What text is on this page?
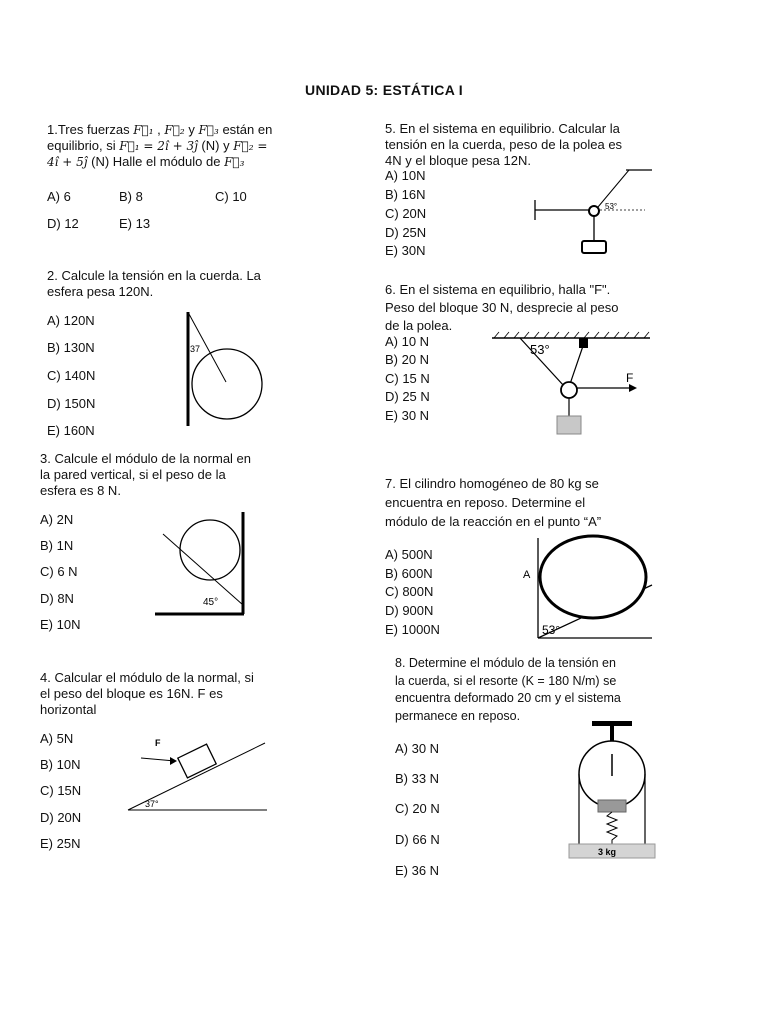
UNIDAD 5: ESTÁTICA I
1.Tres fuerzas F⃗₁ , F⃗₂ y F⃗₃ están en
equilibrio, si F⃗₁ = 2î + 3ĵ (N) y F⃗₂ =
4î + 5ĵ (N) Halle el módulo de F⃗₃
A) 6	B) 8	C) 10
D) 12	E) 13
2. Calcule la tensión en la cuerda. La
esfera pesa 120N.
A) 120N
B) 130N
C) 140N
D) 150N
E) 160N
37
3. Calcule el módulo de la normal en
la pared vertical, si el peso de la
esfera es 8 N.
A) 2N
B) 1N
C) 6 N
D) 8N
E) 10N
45°
4. Calcular el módulo de la normal, si
el peso del bloque es 16N. F es
horizontal
A) 5N
B) 10N
C) 15N
D) 20N
E) 25N
F
37°
5. En el sistema en equilibrio. Calcular la
tensión en la cuerda, peso de la polea es
4N y el bloque pesa 12N.
A) 10N
B) 16N
C) 20N
D) 25N
E) 30N
53°
6. En el sistema en equilibrio, halla "F".
Peso del bloque 30 N, desprecie al peso
de la polea.
A) 10 N
B) 20 N
C) 15 N
D) 25 N
E) 30 N
53°
F
7. El cilindro homogéneo de 80 kg se
encuentra en reposo. Determine el
módulo de la reacción en el punto “A”
A) 500N
B) 600N
C) 800N
D) 900N
E) 1000N
A
53°
8. Determine el módulo de la tensión en
la cuerda, si el resorte (K = 180 N/m) se
encuentra deformado 20 cm y el sistema
permanece en reposo.
A) 30 N
B) 33 N
C) 20 N
D) 66 N
E) 36 N
3 kg
